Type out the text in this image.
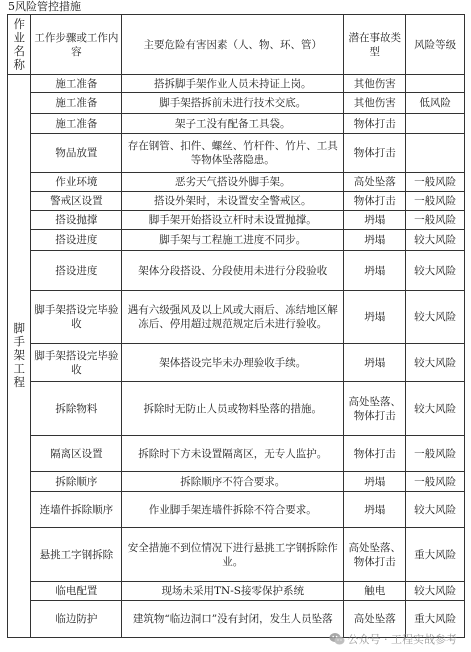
5风险管控措施
作业名称	工作步骤或工作内容	主要危险有害因素（人、物、环、管）	潜在事故类型	风险等级

脚手架工程	施工准备	搭拆脚手架作业人员未持证上岗。	其他伤害	
	施工准备	脚手架搭拆前未进行技术交底。	其他伤害	低风险
	施工准备	架子工没有配备工具袋。	物体打击	
	物品放置	存在钢管、扣件、螺丝、竹杆件、竹片、工具等物体坠落隐患。	物体打击	
	作业环境	恶劣天气搭设外脚手架。	高处坠落	一般风险
	警戒区设置	搭设外架时，未设置安全警戒区。	物体打击	一般风险
	搭设抛撑	脚手架开始搭设立杆时未设置抛撑。	坍塌	一般风险
	搭设进度	脚手架与工程施工进度不同步。	坍塌	较大风险
	搭设进度	架体分段搭设、分段使用未进行分段验收	坍塌	较大风险
	脚手架搭设完毕验收	遇有六级强风及以上风或大雨后、冻结地区解冻后、停用超过规范规定后未进行验收。	坍塌	较大风险
	脚手架搭设完毕验收	架体搭设完毕未办理验收手续。	坍塌	较大风险
	拆除物料	拆除时无防止人员或物料坠落的措施。	高处坠落、物体打击	较大风险
	隔离区设置	拆除时下方未设置隔离区，无专人监护。	物体打击	一般风险
	拆除顺序	拆除顺序不符合要求。	坍塌	一般风险
	连墙件拆除顺序	作业脚手架连墙件拆除不符合要求。	坍塌	较大风险
	悬挑工字钢拆除	安全措施不到位情况下进行悬挑工字钢拆除作业。	高处坠落、物体打击	重大风险
	临电配置	现场未采用TN-S接零保护系统	触电	较大风险
	临边防护	建筑物“临边洞口”没有封闭，发生人员坠落	高处坠落	重大风险
公众号 · 工程实战参考
